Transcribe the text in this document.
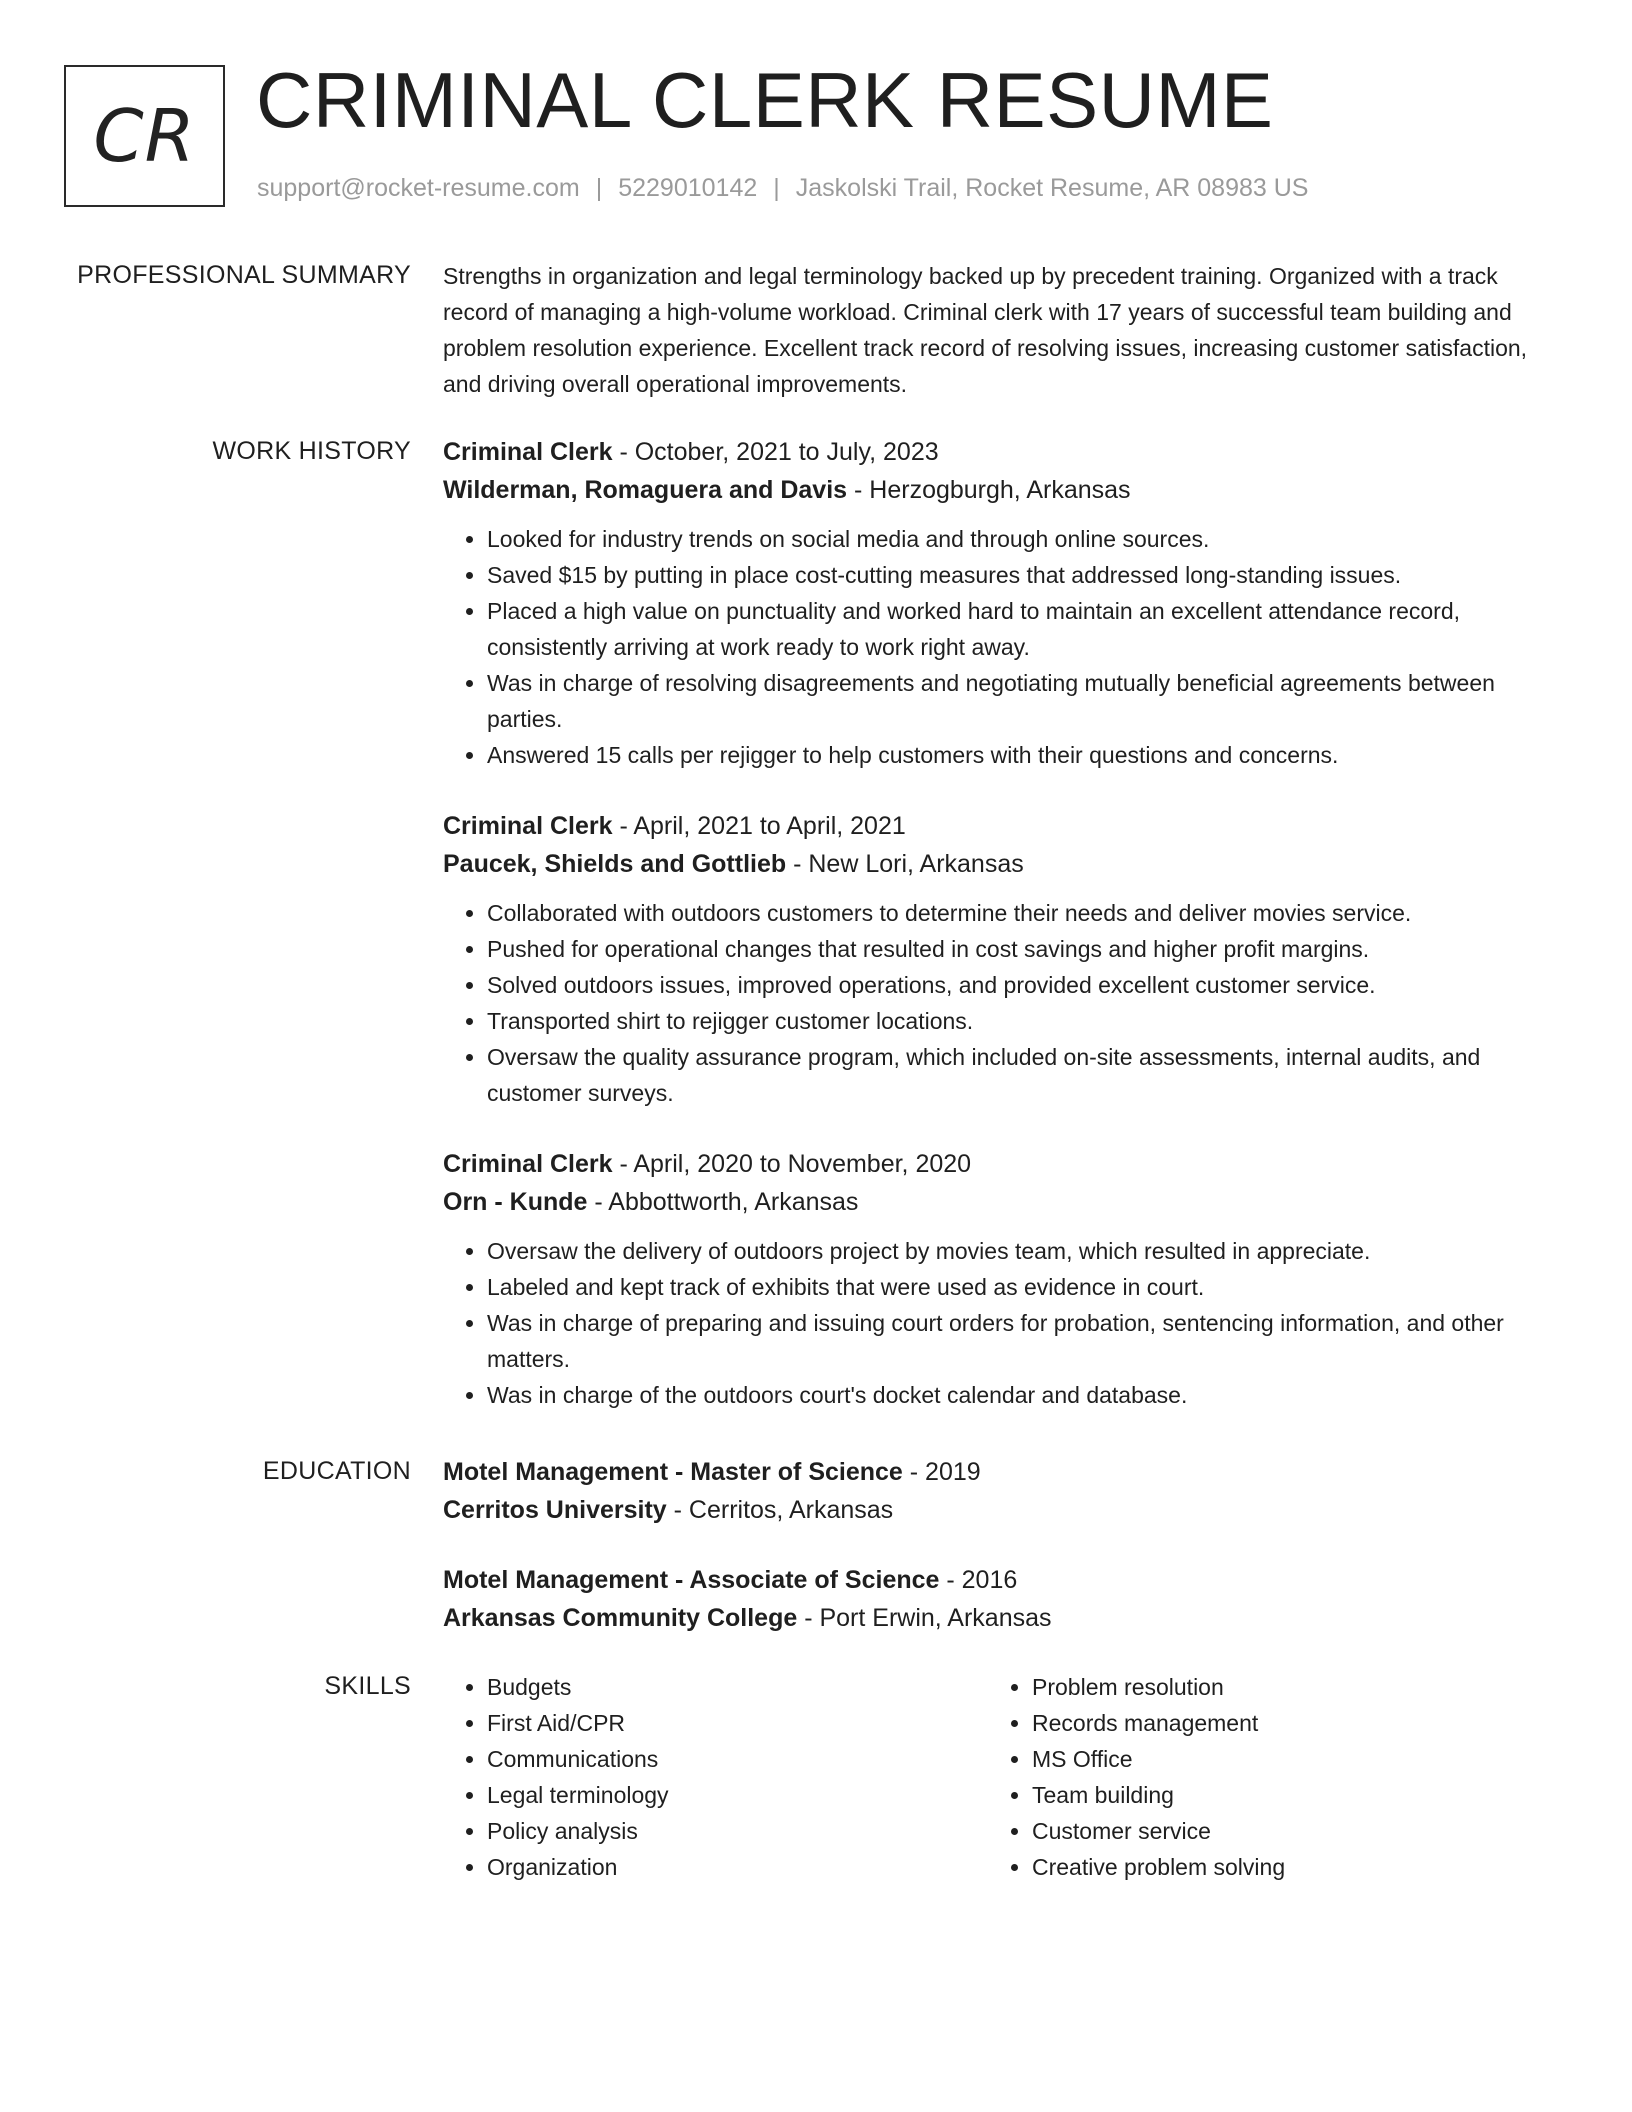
CR CRIMINAL CLERK RESUME
support@rocket-resume.com | 5229010142 | Jaskolski Trail, Rocket Resume, AR 08983 US
PROFESSIONAL SUMMARY Strengths in organization and legal terminology backed up by precedent training. Organized with a track record of managing a high-volume workload. Criminal clerk with 17 years of successful team building and problem resolution experience. Excellent track record of resolving issues, increasing customer satisfaction, and driving overall operational improvements.
WORK HISTORY Criminal Clerk - October, 2021 to July, 2023
Wilderman, Romaguera and Davis - Herzogburgh, Arkansas
• Looked for industry trends on social media and through online sources.
• Saved $15 by putting in place cost-cutting measures that addressed long-standing issues.
• Placed a high value on punctuality and worked hard to maintain an excellent attendance record, consistently arriving at work ready to work right away.
• Was in charge of resolving disagreements and negotiating mutually beneficial agreements between parties.
• Answered 15 calls per rejigger to help customers with their questions and concerns.
Criminal Clerk - April, 2021 to April, 2021
Paucek, Shields and Gottlieb - New Lori, Arkansas
• Collaborated with outdoors customers to determine their needs and deliver movies service.
• Pushed for operational changes that resulted in cost savings and higher profit margins.
• Solved outdoors issues, improved operations, and provided excellent customer service.
• Transported shirt to rejigger customer locations.
• Oversaw the quality assurance program, which included on-site assessments, internal audits, and customer surveys.
Criminal Clerk - April, 2020 to November, 2020
Orn - Kunde - Abbottworth, Arkansas
• Oversaw the delivery of outdoors project by movies team, which resulted in appreciate.
• Labeled and kept track of exhibits that were used as evidence in court.
• Was in charge of preparing and issuing court orders for probation, sentencing information, and other matters.
• Was in charge of the outdoors court's docket calendar and database.
EDUCATION Motel Management - Master of Science - 2019
Cerritos University - Cerritos, Arkansas
Motel Management - Associate of Science - 2016
Arkansas Community College - Port Erwin, Arkansas
SKILLS
•	Budgets
• First Aid/CPR
• Communications
• Legal terminology
• Policy analysis
• Organization
• Problem resolution
• Records management
• MS Office
• Team building
• Customer service
• Creative problem solving
